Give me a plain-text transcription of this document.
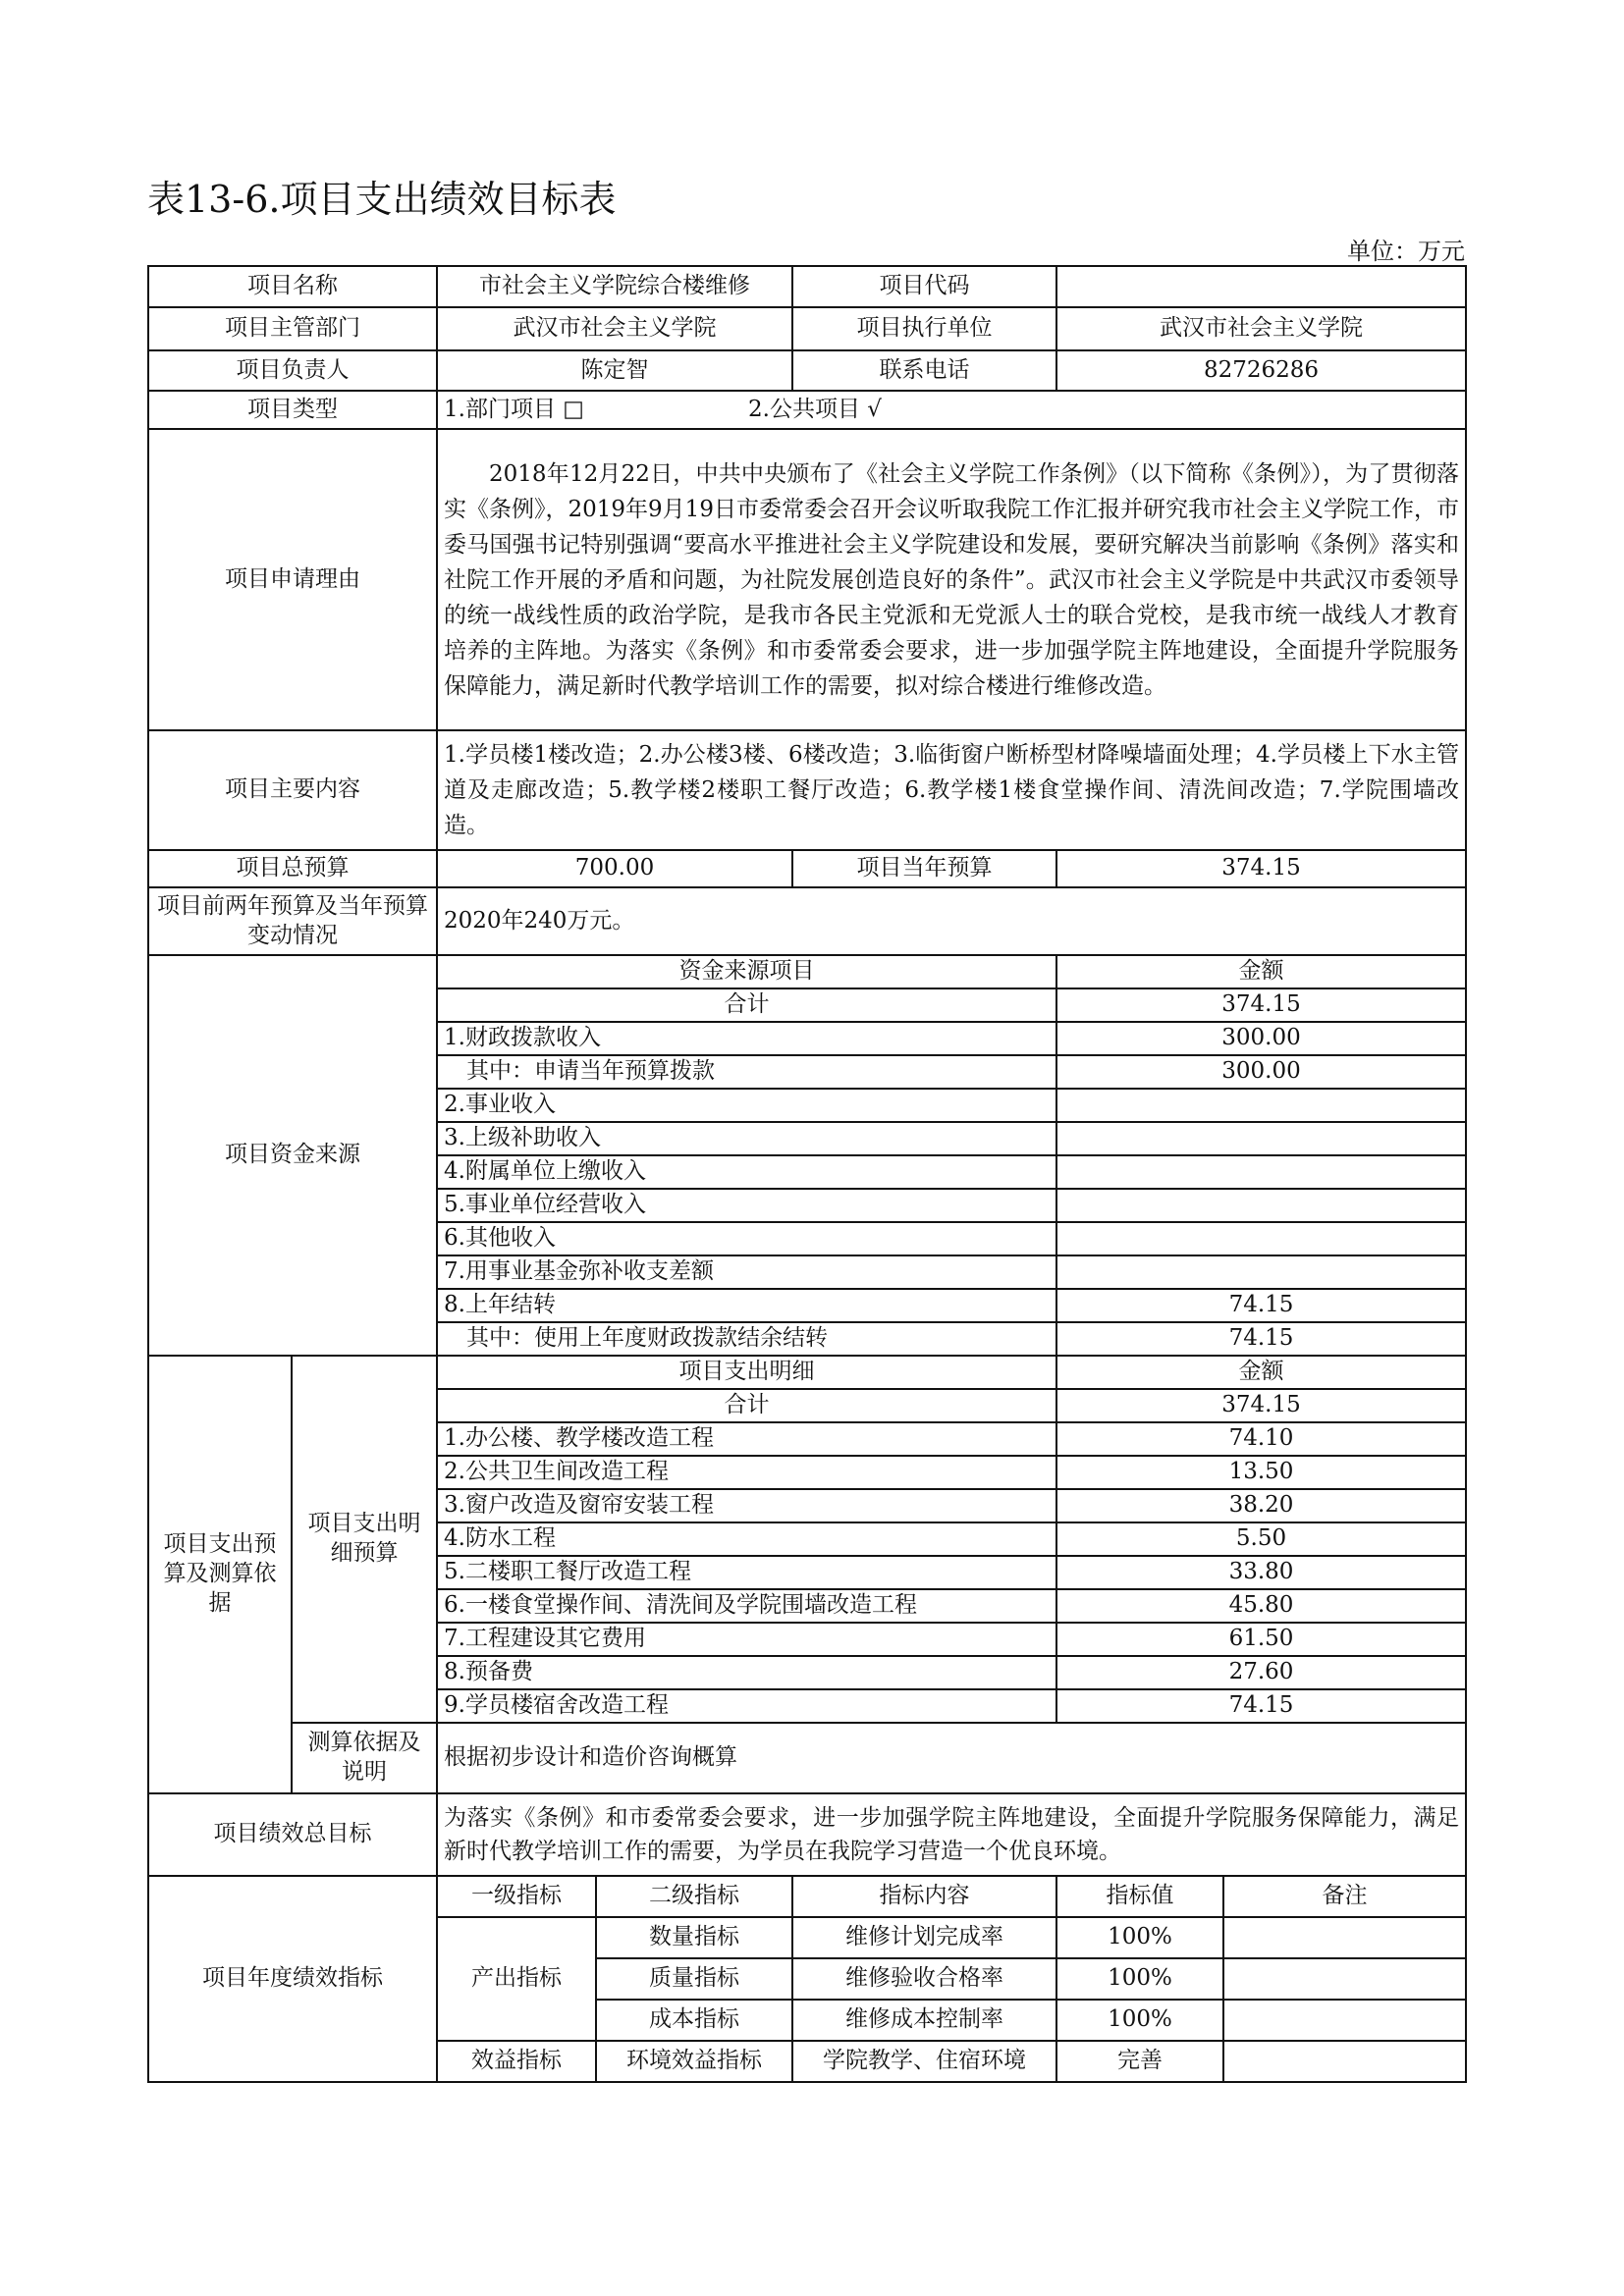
表13-6.项目支出绩效目标表
单位：万元
项目名称		市社会主义学院综合楼维修		项目代码		
项目主管部门		武汉市社会主义学院		项目执行单位	武汉市社会主义学院	
项目负责人		陈定智		联系电话	82726286	
项目类型		1.部门项目 □ 2.公共项目 √				
项目申请理由		2018年12月22日，中共中央颁布了《社会主义学院工作条例》（以下简称《条例》），为了贯彻落实《条例》，2019年9月19日市委常委会召开会议听取我院工作汇报并研究我市社会主义学院工作，市委马国强书记特别强调“要高水平推进社会主义学院建设和发展，要研究解决当前影响《条例》落实和社院工作开展的矛盾和问题，为社院发展创造良好的条件”。武汉市社会主义学院是中共武汉市委领导的统一战线性质的政治学院，是我市各民主党派和无党派人士的联合党校，是我市统一战线人才教育培养的主阵地。为落实《条例》和市委常委会要求，进一步加强学院主阵地建设，全面提升学院服务保障能力，满足新时代教学培训工作的需要，拟对综合楼进行维修改造。				
项目主要内容		1.学员楼1楼改造；2.办公楼3楼、6楼改造；3.临街窗户断桥型材降噪墙面处理；4.学员楼上下水主管道及走廊改造；5.教学楼2楼职工餐厅改造；6.教学楼1楼食堂操作间、清洗间改造；7.学院围墙改造。				
项目总预算		700.00		项目当年预算	374.15	
项目前两年预算及当年预算变动情况		2020年240万元。				
项目资金来源		资金来源项目			金额	
		合计			374.15	
		1.财政拨款收入			300.00	
		　其中：申请当年预算拨款			300.00	
		2.事业收入				
		3.上级补助收入				
		4.附属单位上缴收入				
		5.事业单位经营收入				
		6.其他收入				
		7.用事业基金弥补收支差额				
		8.上年结转			74.15	
		　其中：使用上年度财政拨款结余结转			74.15	
项目支出预算及测算依据	项目支出明细预算	项目支出明细			金额	
		合计			374.15	
		1.办公楼、教学楼改造工程			74.10	
		2.公共卫生间改造工程			13.50	
		3.窗户改造及窗帘安装工程			38.20	
		4.防水工程			5.50	
		5.二楼职工餐厅改造工程			33.80	
		6.一楼食堂操作间、清洗间及学院围墙改造工程			45.80	
		7.工程建设其它费用			61.50	
		8.预备费			27.60	
		9.学员楼宿舍改造工程			74.15	
	测算依据及说明	根据初步设计和造价咨询概算				
项目绩效总目标		为落实《条例》和市委常委会要求，进一步加强学院主阵地建设，全面提升学院服务保障能力，满足新时代教学培训工作的需要，为学员在我院学习营造一个优良环境。				
项目年度绩效指标		一级指标	二级指标	指标内容	指标值	备注
		产出指标	数量指标	维修计划完成率	100%	
			质量指标	维修验收合格率	100%	
			成本指标	维修成本控制率	100%	
		效益指标	环境效益指标	学院教学、住宿环境	完善	
